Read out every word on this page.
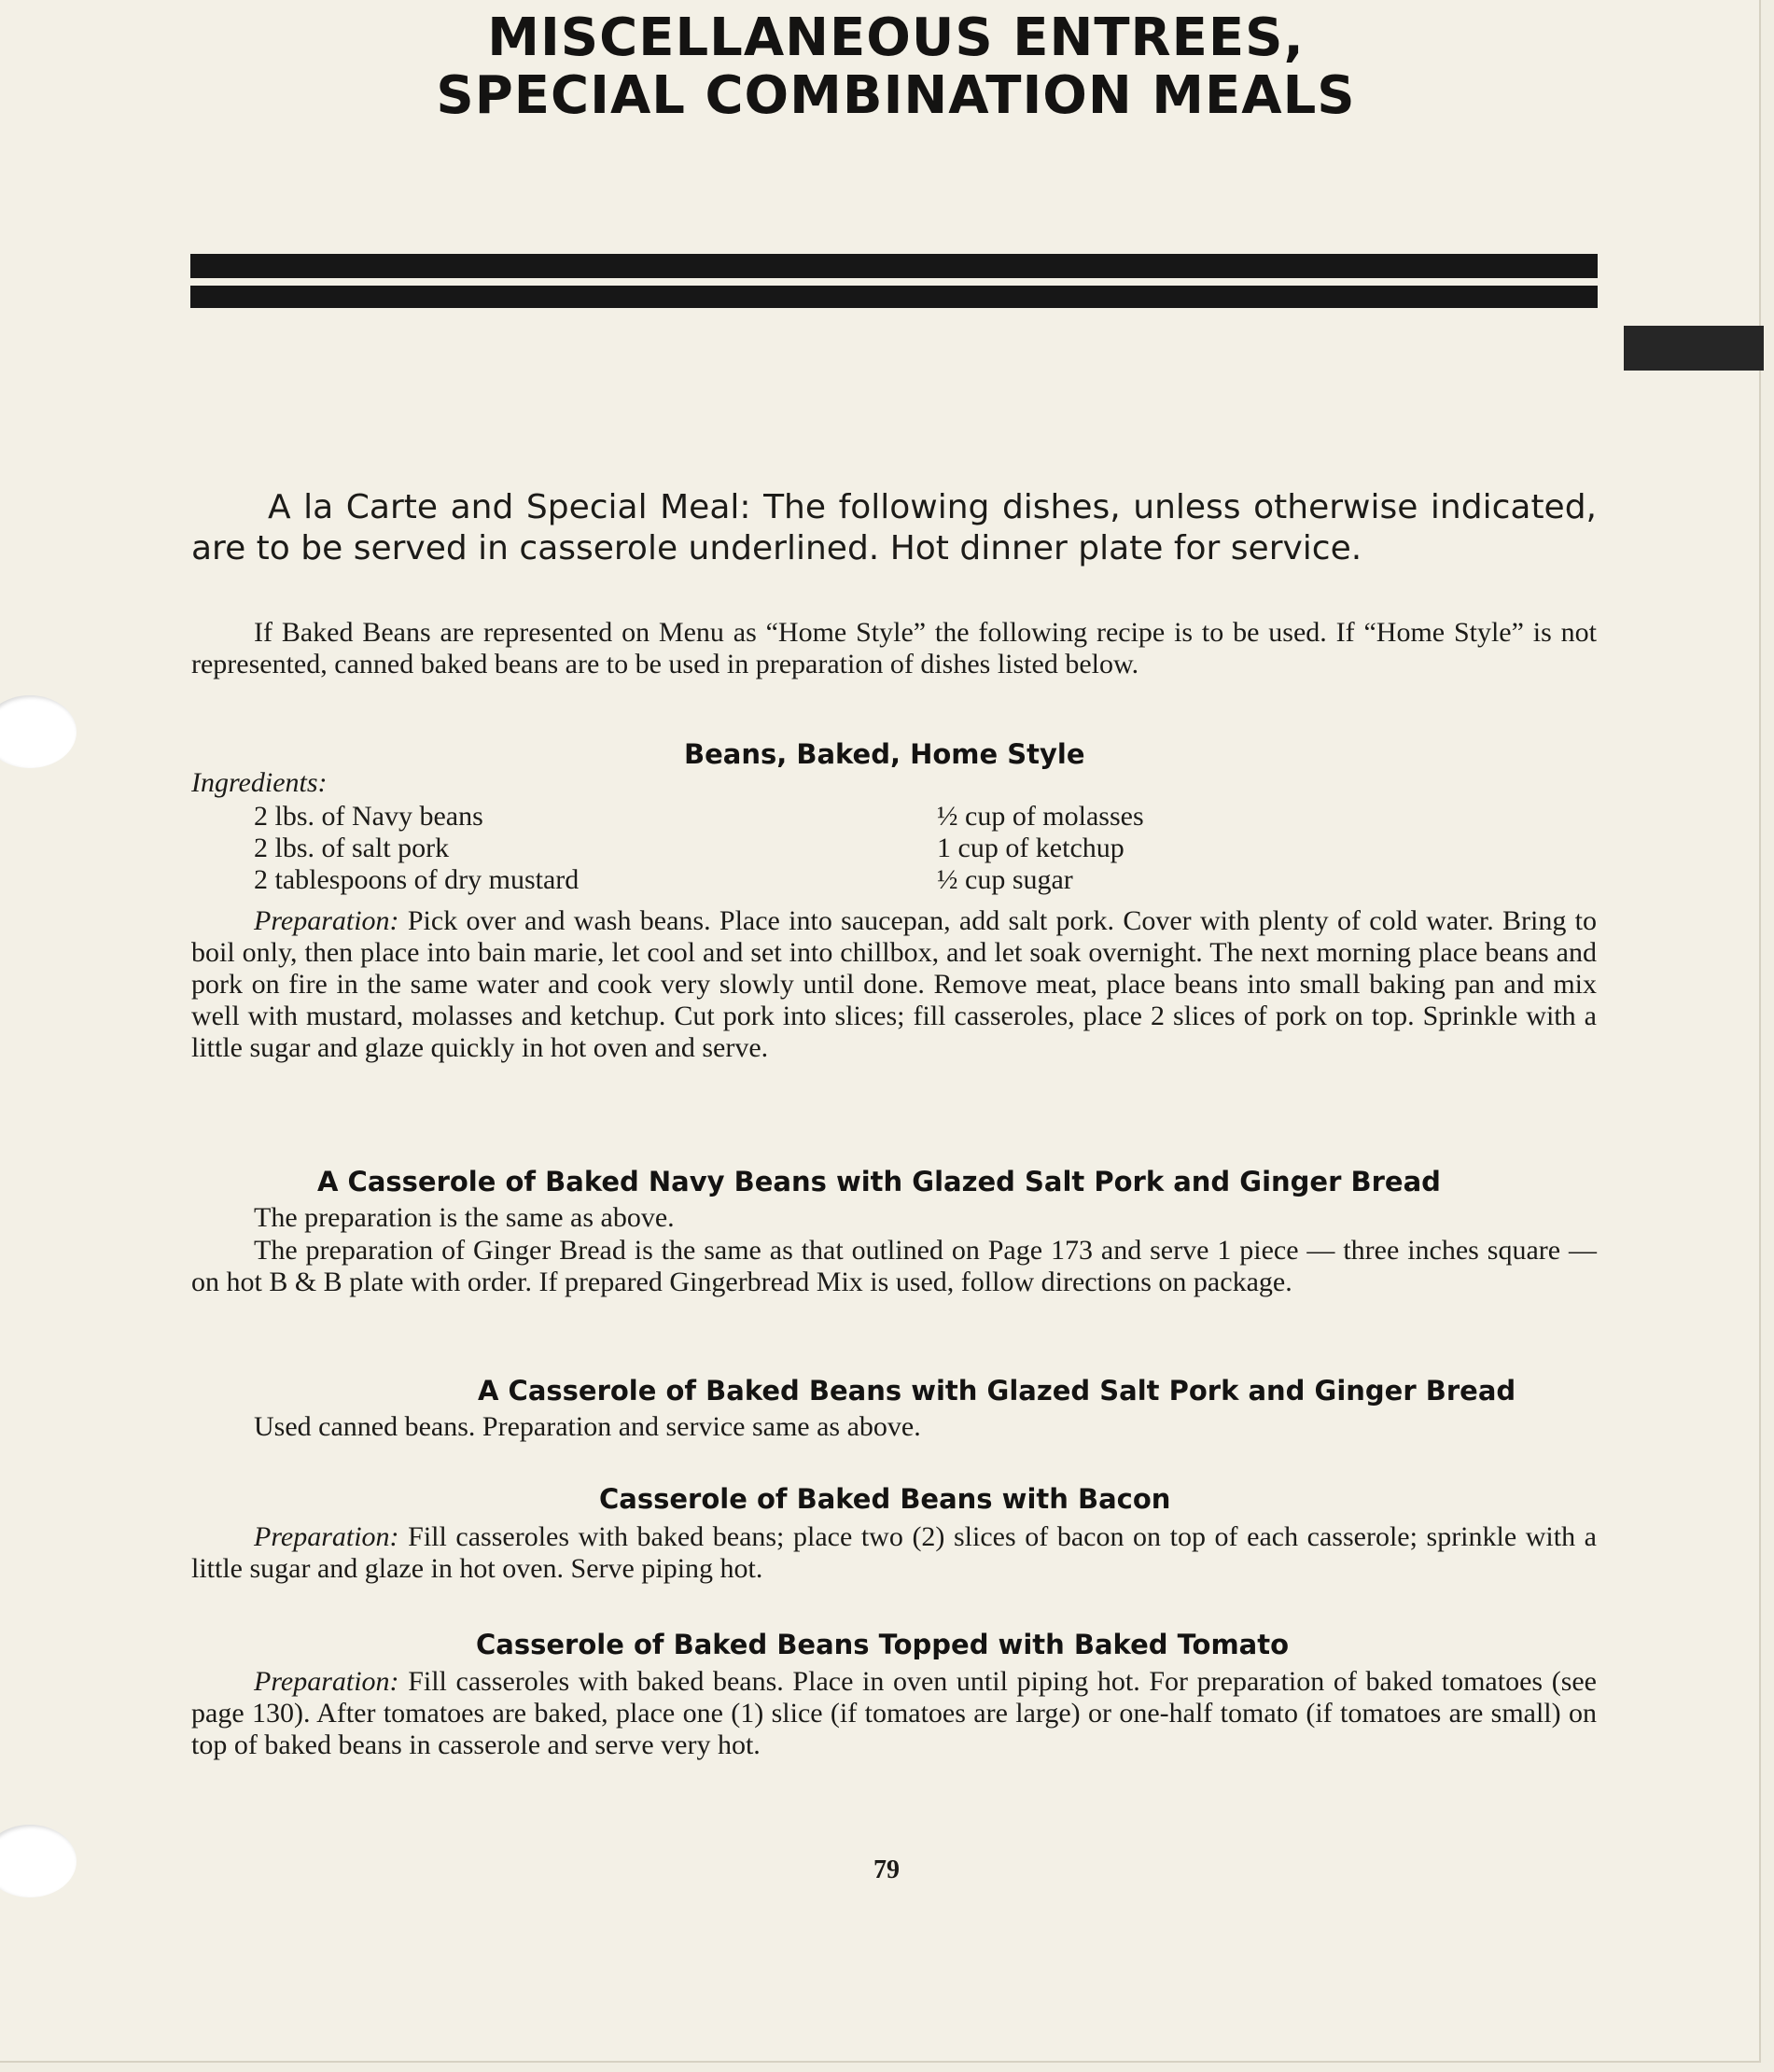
MISCELLANEOUS ENTREES,
SPECIAL COMBINATION MEALS

A la Carte and Special Meal: The following dishes, unless otherwise indicated, are to be served in casserole underlined. Hot dinner plate for service.

If Baked Beans are represented on Menu as “Home Style” the following recipe is to be used. If “Home Style” is not represented, canned baked beans are to be used in preparation of dishes listed below.

Beans, Baked, Home Style
Ingredients:
2 lbs. of Navy beans
2 lbs. of salt pork
2 tablespoons of dry mustard
½ cup of molasses
1 cup of ketchup
½ cup sugar

Preparation: Pick over and wash beans. Place into saucepan, add salt pork. Cover with plenty of cold water. Bring to boil only, then place into bain marie, let cool and set into chillbox, and let soak overnight. The next morning place beans and pork on fire in the same water and cook very slowly until done. Remove meat, place beans into small baking pan and mix well with mustard, molasses and ketchup. Cut pork into slices; fill casseroles, place 2 slices of pork on top. Sprinkle with a little sugar and glaze quickly in hot oven and serve.

A Casserole of Baked Navy Beans with Glazed Salt Pork and Ginger Bread

The preparation is the same as above.

The preparation of Ginger Bread is the same as that outlined on Page 173 and serve 1 piece — three inches square — on hot B & B plate with order. If prepared Gingerbread Mix is used, follow directions on package.

A Casserole of Baked Beans with Glazed Salt Pork and Ginger Bread

Used canned beans. Preparation and service same as above.

Casserole of Baked Beans with Bacon

Preparation: Fill casseroles with baked beans; place two (2) slices of bacon on top of each casserole; sprinkle with a little sugar and glaze in hot oven. Serve piping hot.

Casserole of Baked Beans Topped with Baked Tomato

Preparation: Fill casseroles with baked beans. Place in oven until piping hot. For preparation of baked tomatoes (see page 130). After tomatoes are baked, place one (1) slice (if tomatoes are large) or one-half tomato (if tomatoes are small) on top of baked beans in casserole and serve very hot.

79
